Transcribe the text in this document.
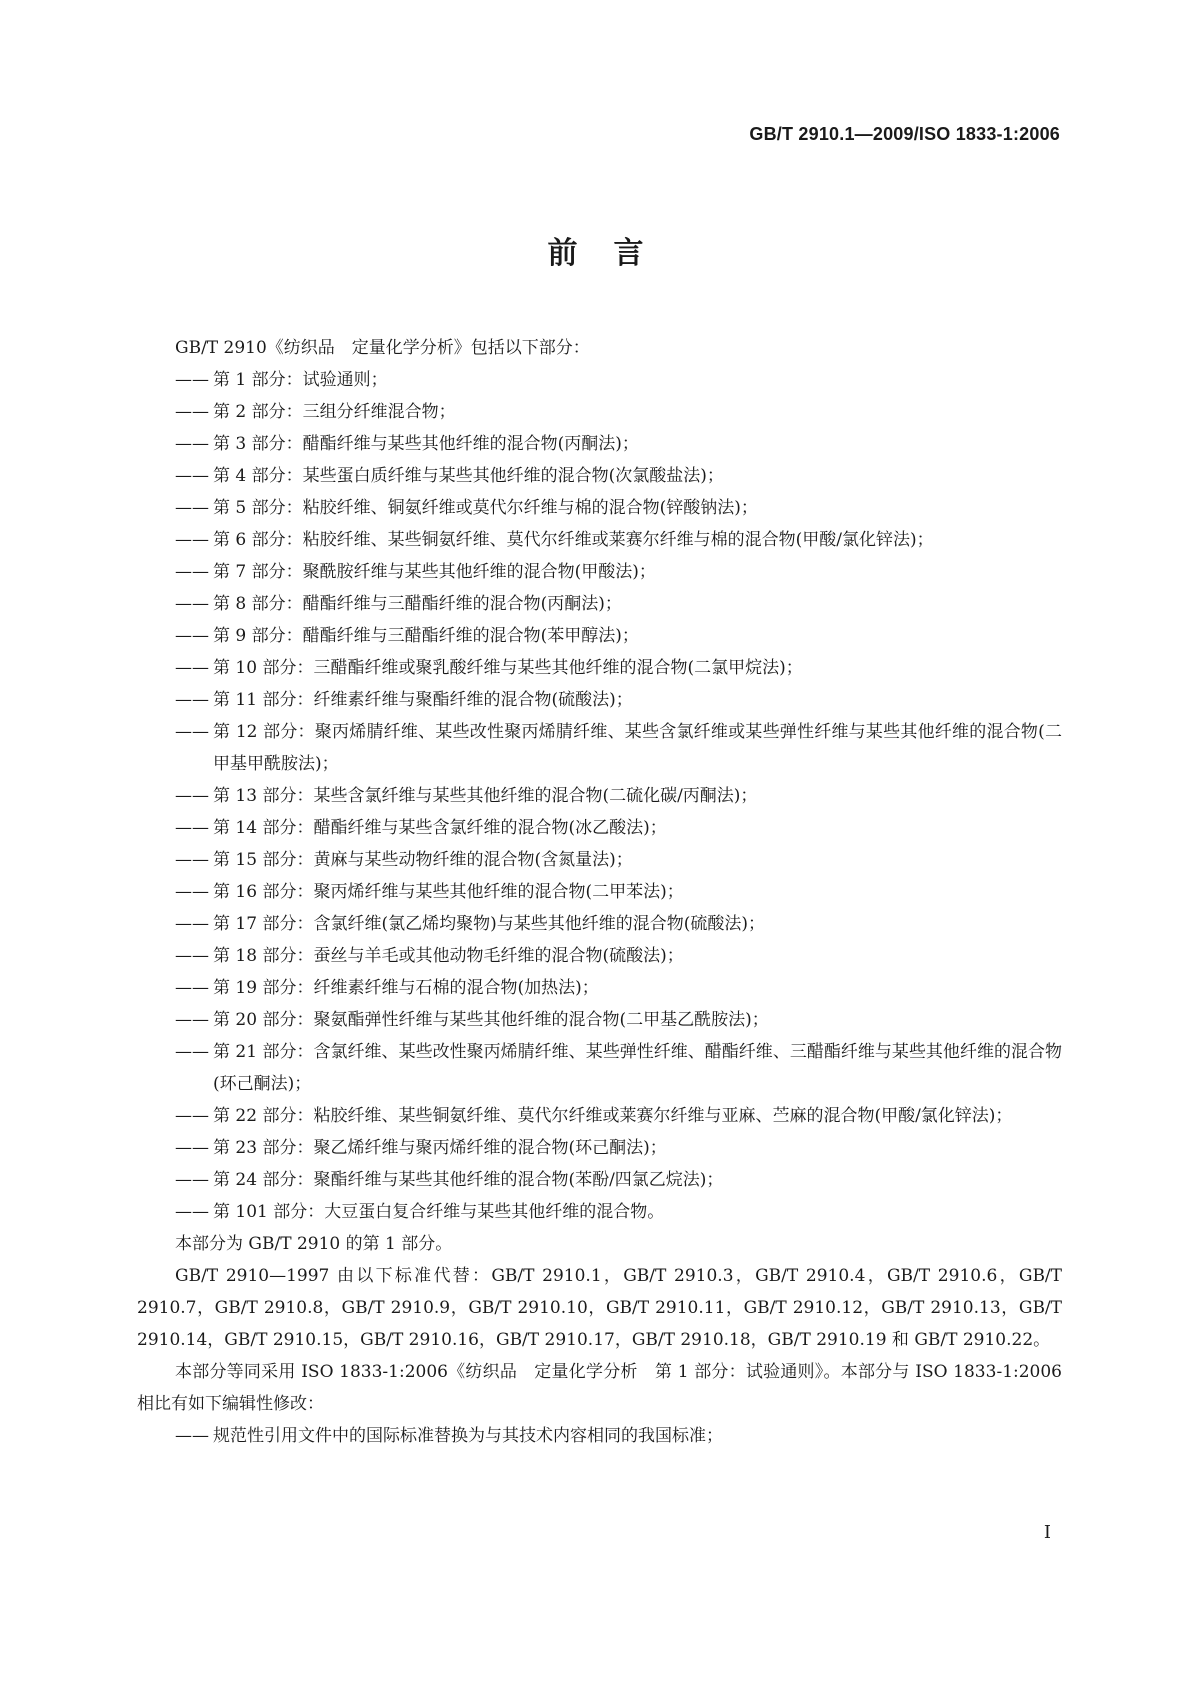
GB/T 2910.1—2009/ISO 1833-1:2006
前言
GB/T 2910《纺织品　定量化学分析》包括以下部分：
—— 第 1 部分：试验通则；
—— 第 2 部分：三组分纤维混合物；
—— 第 3 部分：醋酯纤维与某些其他纤维的混合物(丙酮法)；
—— 第 4 部分：某些蛋白质纤维与某些其他纤维的混合物(次氯酸盐法)；
—— 第 5 部分：粘胶纤维、铜氨纤维或莫代尔纤维与棉的混合物(锌酸钠法)；
—— 第 6 部分：粘胶纤维、某些铜氨纤维、莫代尔纤维或莱赛尔纤维与棉的混合物(甲酸/氯化锌法)；
—— 第 7 部分：聚酰胺纤维与某些其他纤维的混合物(甲酸法)；
—— 第 8 部分：醋酯纤维与三醋酯纤维的混合物(丙酮法)；
—— 第 9 部分：醋酯纤维与三醋酯纤维的混合物(苯甲醇法)；
—— 第 10 部分：三醋酯纤维或聚乳酸纤维与某些其他纤维的混合物(二氯甲烷法)；
—— 第 11 部分：纤维素纤维与聚酯纤维的混合物(硫酸法)；
—— 第 12 部分：聚丙烯腈纤维、某些改性聚丙烯腈纤维、某些含氯纤维或某些弹性纤维与某些其他纤维的混合物(二甲基甲酰胺法)；
—— 第 13 部分：某些含氯纤维与某些其他纤维的混合物(二硫化碳/丙酮法)；
—— 第 14 部分：醋酯纤维与某些含氯纤维的混合物(冰乙酸法)；
—— 第 15 部分：黄麻与某些动物纤维的混合物(含氮量法)；
—— 第 16 部分：聚丙烯纤维与某些其他纤维的混合物(二甲苯法)；
—— 第 17 部分：含氯纤维(氯乙烯均聚物)与某些其他纤维的混合物(硫酸法)；
—— 第 18 部分：蚕丝与羊毛或其他动物毛纤维的混合物(硫酸法)；
—— 第 19 部分：纤维素纤维与石棉的混合物(加热法)；
—— 第 20 部分：聚氨酯弹性纤维与某些其他纤维的混合物(二甲基乙酰胺法)；
—— 第 21 部分：含氯纤维、某些改性聚丙烯腈纤维、某些弹性纤维、醋酯纤维、三醋酯纤维与某些其他纤维的混合物(环己酮法)；
—— 第 22 部分：粘胶纤维、某些铜氨纤维、莫代尔纤维或莱赛尔纤维与亚麻、苎麻的混合物(甲酸/氯化锌法)；
—— 第 23 部分：聚乙烯纤维与聚丙烯纤维的混合物(环己酮法)；
—— 第 24 部分：聚酯纤维与某些其他纤维的混合物(苯酚/四氯乙烷法)；
—— 第 101 部分：大豆蛋白复合纤维与某些其他纤维的混合物。
本部分为 GB/T 2910 的第 1 部分。
GB/T 2910—1997 由以下标准代替：GB/T 2910.1，GB/T 2910.3，GB/T 2910.4，GB/T 2910.6，GB/T 2910.7，GB/T 2910.8，GB/T 2910.9，GB/T 2910.10，GB/T 2910.11，GB/T 2910.12，GB/T 2910.13，GB/T 2910.14，GB/T 2910.15，GB/T 2910.16，GB/T 2910.17，GB/T 2910.18，GB/T 2910.19 和 GB/T 2910.22。
本部分等同采用 ISO 1833-1:2006《纺织品　定量化学分析　第 1 部分：试验通则》。本部分与 ISO 1833-1:2006 相比有如下编辑性修改：
—— 规范性引用文件中的国际标准替换为与其技术内容相同的我国标准；
I
